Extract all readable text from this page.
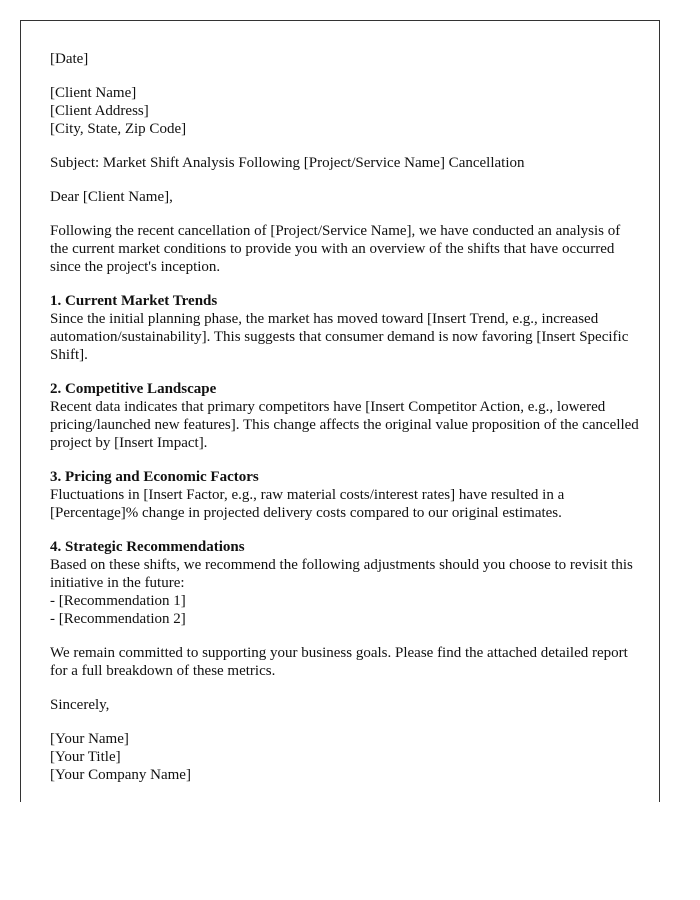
[Date]

[Client Name]
[Client Address]
[City, State, Zip Code]

Subject: Market Shift Analysis Following [Project/Service Name] Cancellation

Dear [Client Name],

Following the recent cancellation of [Project/Service Name], we have conducted an analysis of the current market conditions to provide you with an overview of the shifts that have occurred since the project's inception.

1. Current Market Trends
Since the initial planning phase, the market has moved toward [Insert Trend, e.g., increased automation/sustainability]. This suggests that consumer demand is now favoring [Insert Specific Shift].

2. Competitive Landscape
Recent data indicates that primary competitors have [Insert Competitor Action, e.g., lowered pricing/launched new features]. This change affects the original value proposition of the cancelled project by [Insert Impact].

3. Pricing and Economic Factors
Fluctuations in [Insert Factor, e.g., raw material costs/interest rates] have resulted in a [Percentage]% change in projected delivery costs compared to our original estimates.

4. Strategic Recommendations
Based on these shifts, we recommend the following adjustments should you choose to revisit this initiative in the future:
- [Recommendation 1]
- [Recommendation 2]

We remain committed to supporting your business goals. Please find the attached detailed report for a full breakdown of these metrics.

Sincerely,

[Your Name]
[Your Title]
[Your Company Name]
